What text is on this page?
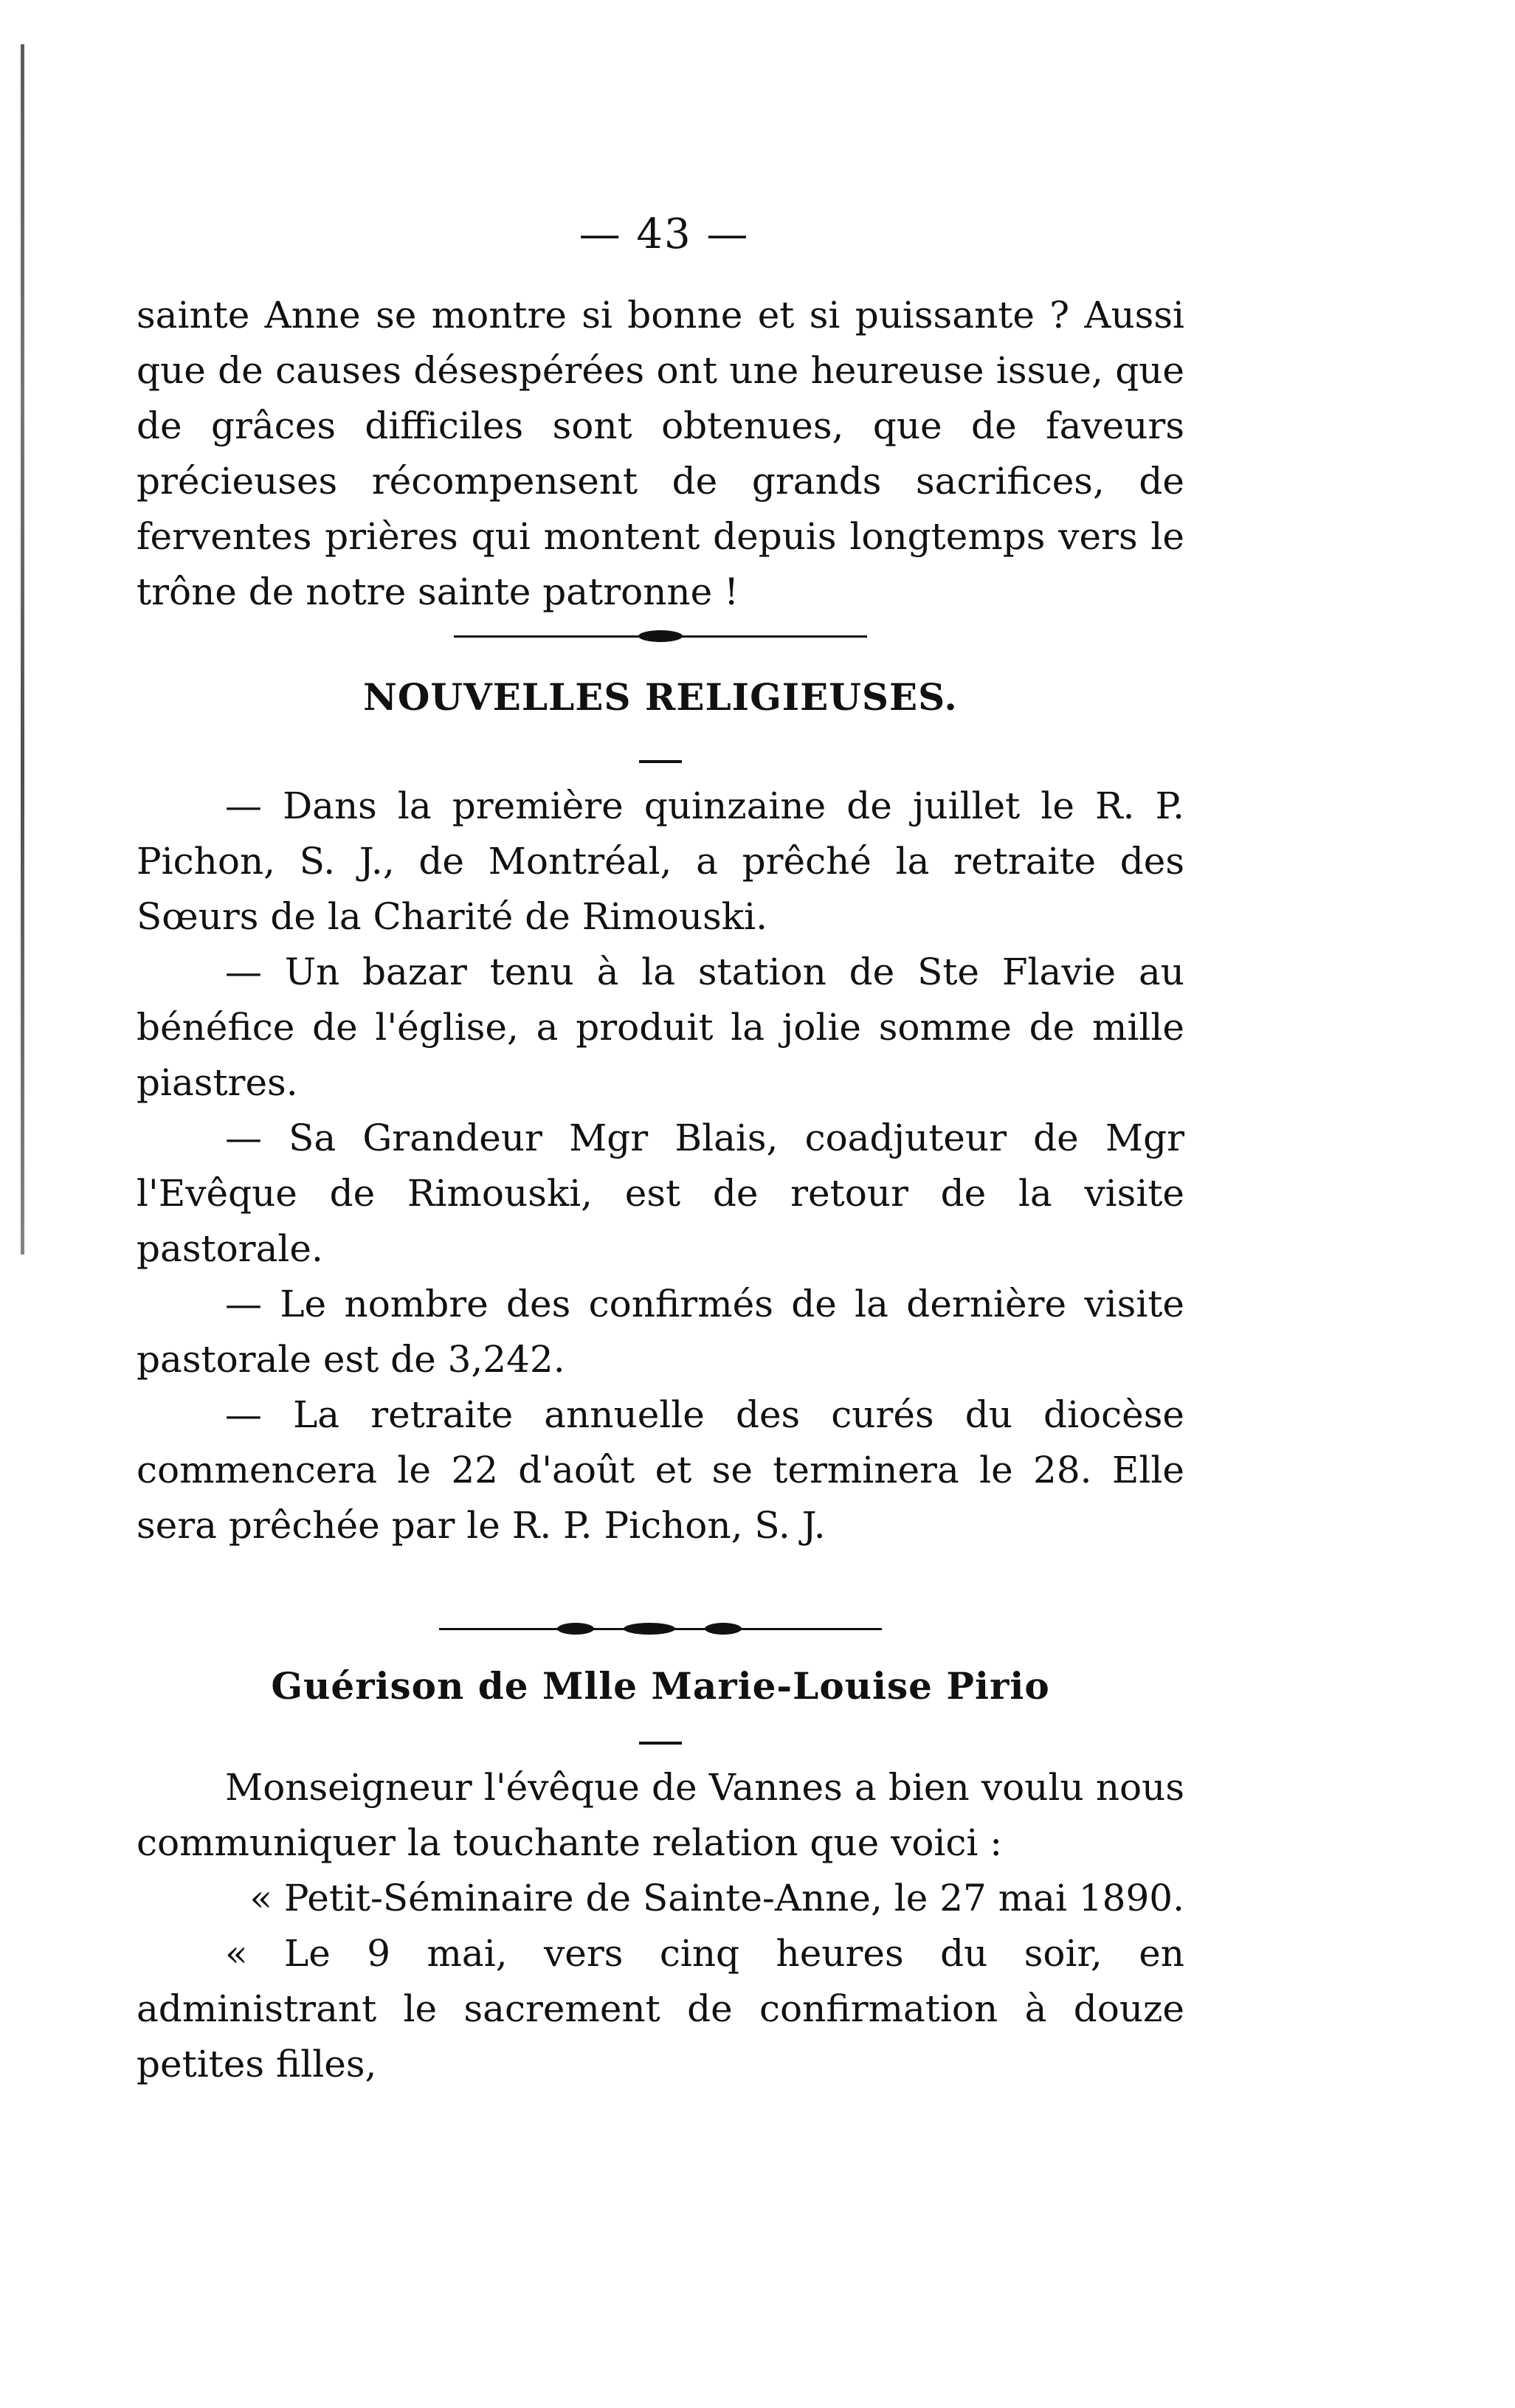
— 43 —

sainte Anne se montre si bonne et si puissante ? Aussi que de causes désespérées ont une heureuse issue, que de grâces difficiles sont obtenues, que de faveurs précieuses récompensent de grands sacrifices, de ferventes prières qui montent depuis longtemps vers le trône de notre sainte patronne !

NOUVELLES RELIGIEUSES.

— Dans la première quinzaine de juillet le R. P. Pichon, S. J., de Montréal, a prêché la retraite des Sœurs de la Charité de Rimouski.

— Un bazar tenu à la station de Ste Flavie au bénéfice de l'église, a produit la jolie somme de mille piastres.

— Sa Grandeur Mgr Blais, coadjuteur de Mgr l'Evêque de Rimouski, est de retour de la visite pastorale.

— Le nombre des confirmés de la dernière visite pastorale est de 3,242.

— La retraite annuelle des curés du diocèse commencera le 22 d'août et se terminera le 28. Elle sera prêchée par le R. P. Pichon, S. J.

Guérison de Mlle Marie-Louise Pirio

Monseigneur l'évêque de Vannes a bien voulu nous communiquer la touchante relation que voici :

« Petit-Séminaire de Sainte-Anne, le 27 mai 1890.

« Le 9 mai, vers cinq heures du soir, en administrant le sacrement de confirmation à douze petites filles,
